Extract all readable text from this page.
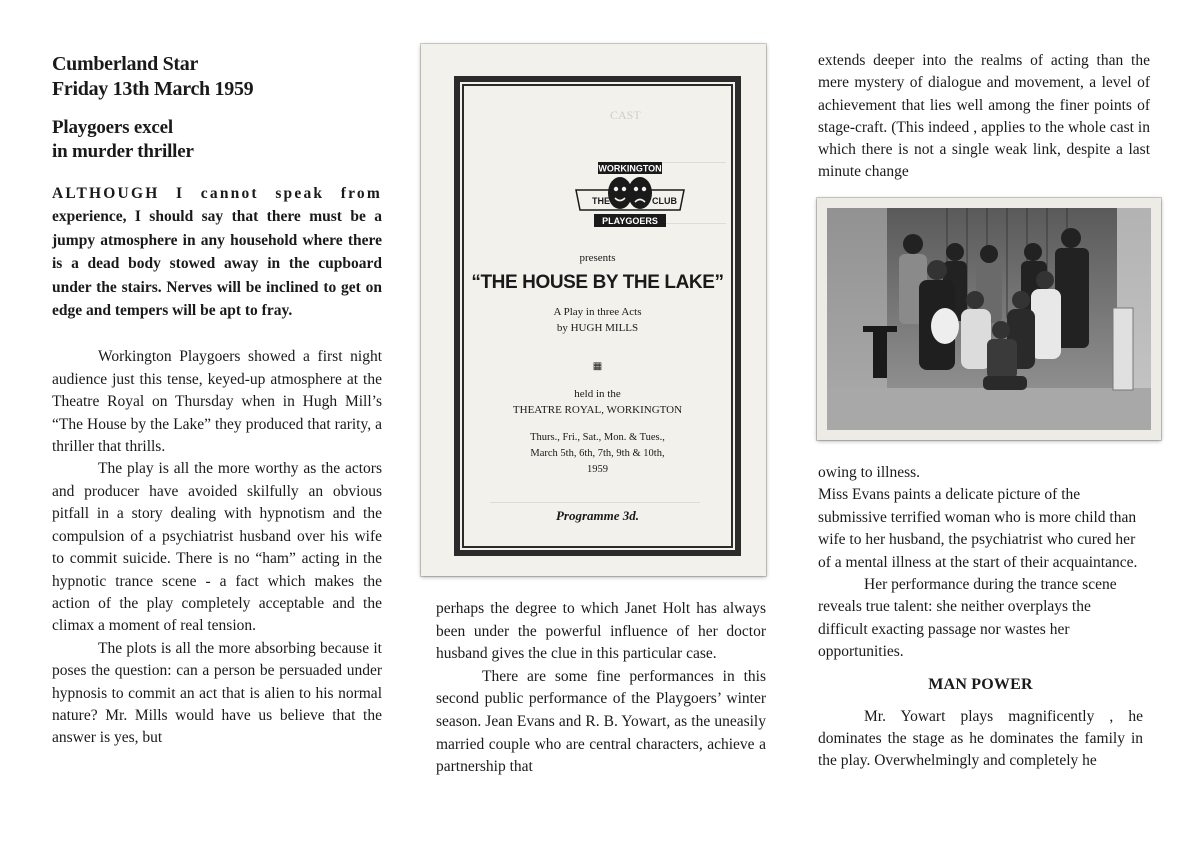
Cumberland Star

Friday 13th March 1959

Playgoers excel
in murder thriller

ALTHOUGH I cannot speak from experience, I should say that there must be a jumpy atmosphere in any household where there is a dead body stowed away in the cupboard under the stairs. Nerves will be inclined to get on edge and tempers will be apt to fray.

Workington Playgoers showed a first night audience just this tense, keyed-up atmosphere at the Theatre Royal on Thursday when in Hugh Mill’s “The House by the Lake” they produced that rarity, a thriller that thrills.

The play is all the more worthy as the actors and producer have avoided skilfully an obvious pitfall in a story dealing with hypnotism and the compulsion of a psychiatrist husband over his wife to commit suicide. There is no “ham” acting in the hypnotic trance scene - a fact which makes the action of the play completely acceptable and the climax a moment of real tension.

The plots is all the more absorbing because it poses the question: can a person be persuaded under hypnosis to commit an act that is alien to his normal nature? Mr. Mills would have us believe that the answer is yes, but

CAST
WORKINGTON
THE	CLUB
PLAYGOERS
presents
“THE HOUSE BY THE LAKE”
A Play in three Acts
by HUGH MILLS
▦
held in the
THEATRE ROYAL, WORKINGTON
Thurs., Fri., Sat., Mon. & Tues.,
March 5th, 6th, 7th, 9th & 10th,
1959
Programme 3d.

perhaps the degree to which Janet Holt has always been under the powerful influence of her doctor husband gives the clue in this particular case.

There are some fine performances in this second public performance of the Playgoers’ winter season. Jean Evans and R. B. Yowart, as the uneasily married couple who are central characters, achieve a partnership that

extends deeper into the realms of acting than the mere mystery of dialogue and movement, a level of achievement that lies well among the finer points of stage-craft. (This indeed , applies to the whole cast in which there is not a single weak link, despite a last minute change

owing to illness.

Miss Evans paints a delicate picture of the submissive terrified woman who is more child than wife to her husband, the psychiatrist who cured her of a mental illness at the start of their acquaintance.

Her performance during the trance scene reveals true talent: she neither overplays the difficult exacting passage nor wastes her opportunities.

MAN POWER

Mr. Yowart plays magnificently , he dominates the stage as he dominates the family in the play. Overwhelmingly and completely he
